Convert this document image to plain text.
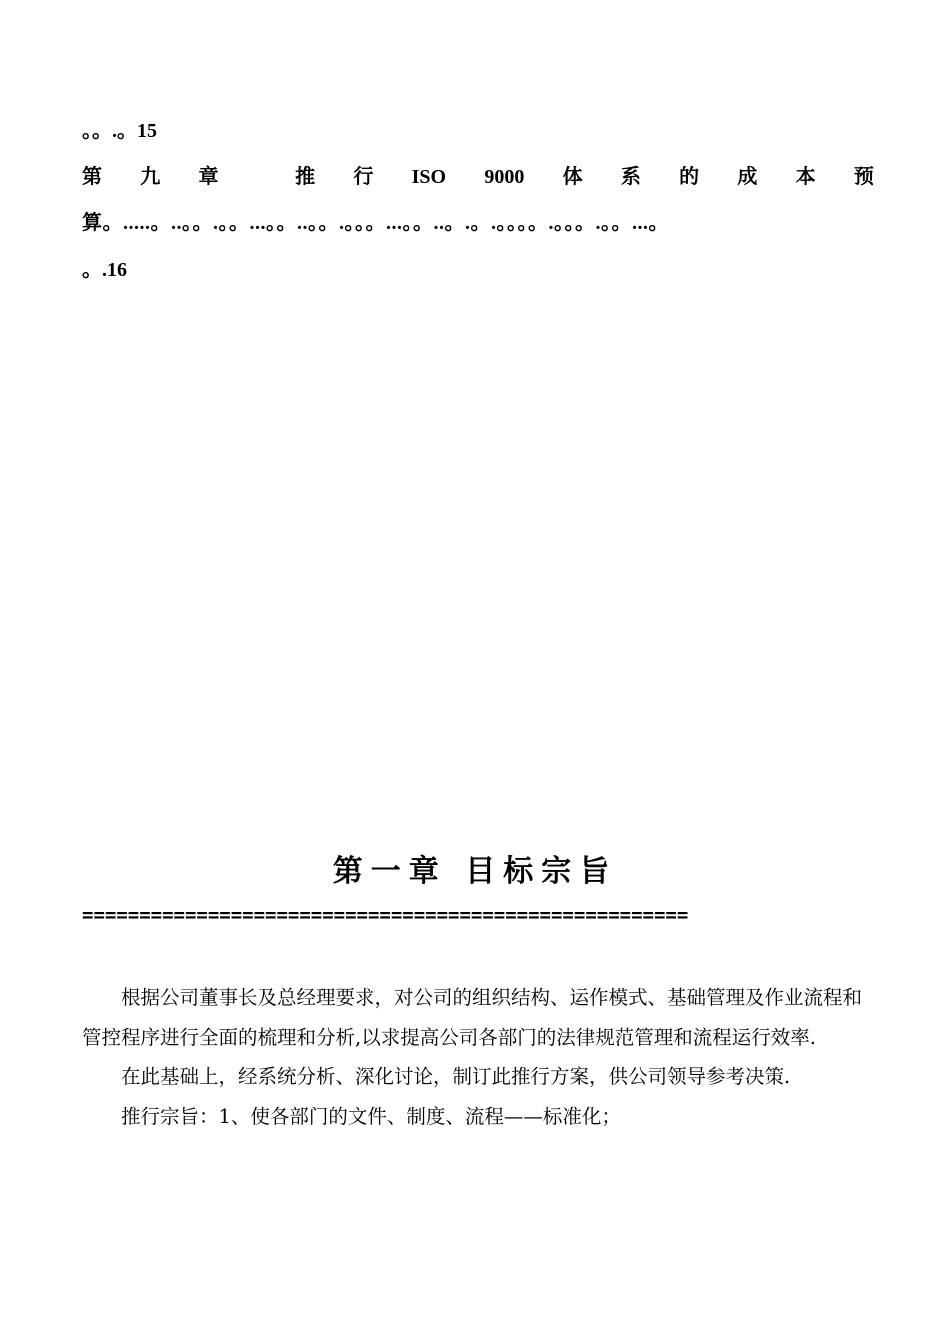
。。.。15
第 九 章	推 行 ISO 9000 体 系 的 成 本 预
算。.....。..。。.。。...。。..。。.。。。...。。..。.。.。。。。.。。。.。。...。
。.16
第一章 目标宗旨
=====================================================

根据公司董事长及总经理要求，对公司的组织结构、运作模式、基础管理及作业流程和管控程序进行全面的梳理和分析,以求提高公司各部门的法律规范管理和流程运行效率.

在此基础上，经系统分析、深化讨论，制订此推行方案，供公司领导参考决策.

推行宗旨：1、使各部门的文件、制度、流程——标准化；
